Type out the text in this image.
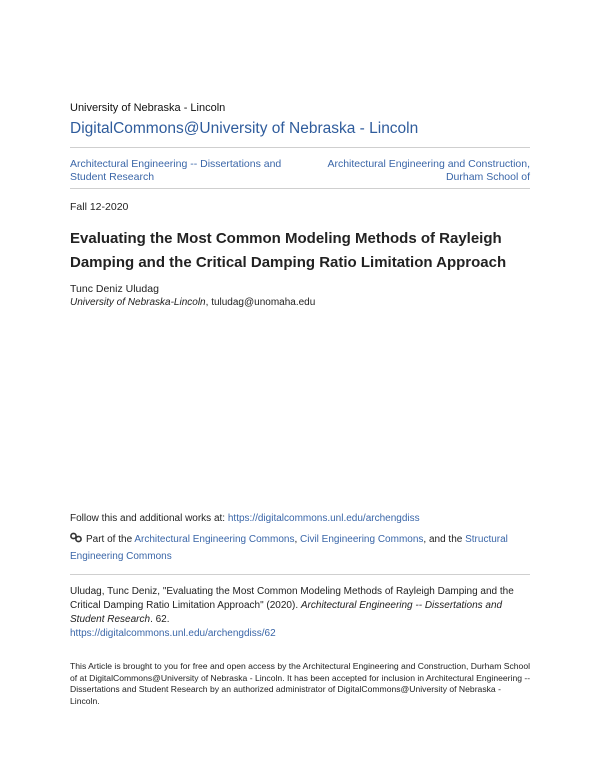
University of Nebraska - Lincoln
DigitalCommons@University of Nebraska - Lincoln
Architectural Engineering -- Dissertations and Student Research
Architectural Engineering and Construction, Durham School of
Fall 12-2020
Evaluating the Most Common Modeling Methods of Rayleigh Damping and the Critical Damping Ratio Limitation Approach
Tunc Deniz Uludag
University of Nebraska-Lincoln, tuludag@unomaha.edu
Follow this and additional works at: https://digitalcommons.unl.edu/archengdiss
Part of the Architectural Engineering Commons, Civil Engineering Commons, and the Structural Engineering Commons
Uludag, Tunc Deniz, "Evaluating the Most Common Modeling Methods of Rayleigh Damping and the Critical Damping Ratio Limitation Approach" (2020). Architectural Engineering -- Dissertations and Student Research. 62.
https://digitalcommons.unl.edu/archengdiss/62
This Article is brought to you for free and open access by the Architectural Engineering and Construction, Durham School of at DigitalCommons@University of Nebraska - Lincoln. It has been accepted for inclusion in Architectural Engineering -- Dissertations and Student Research by an authorized administrator of DigitalCommons@University of Nebraska - Lincoln.
